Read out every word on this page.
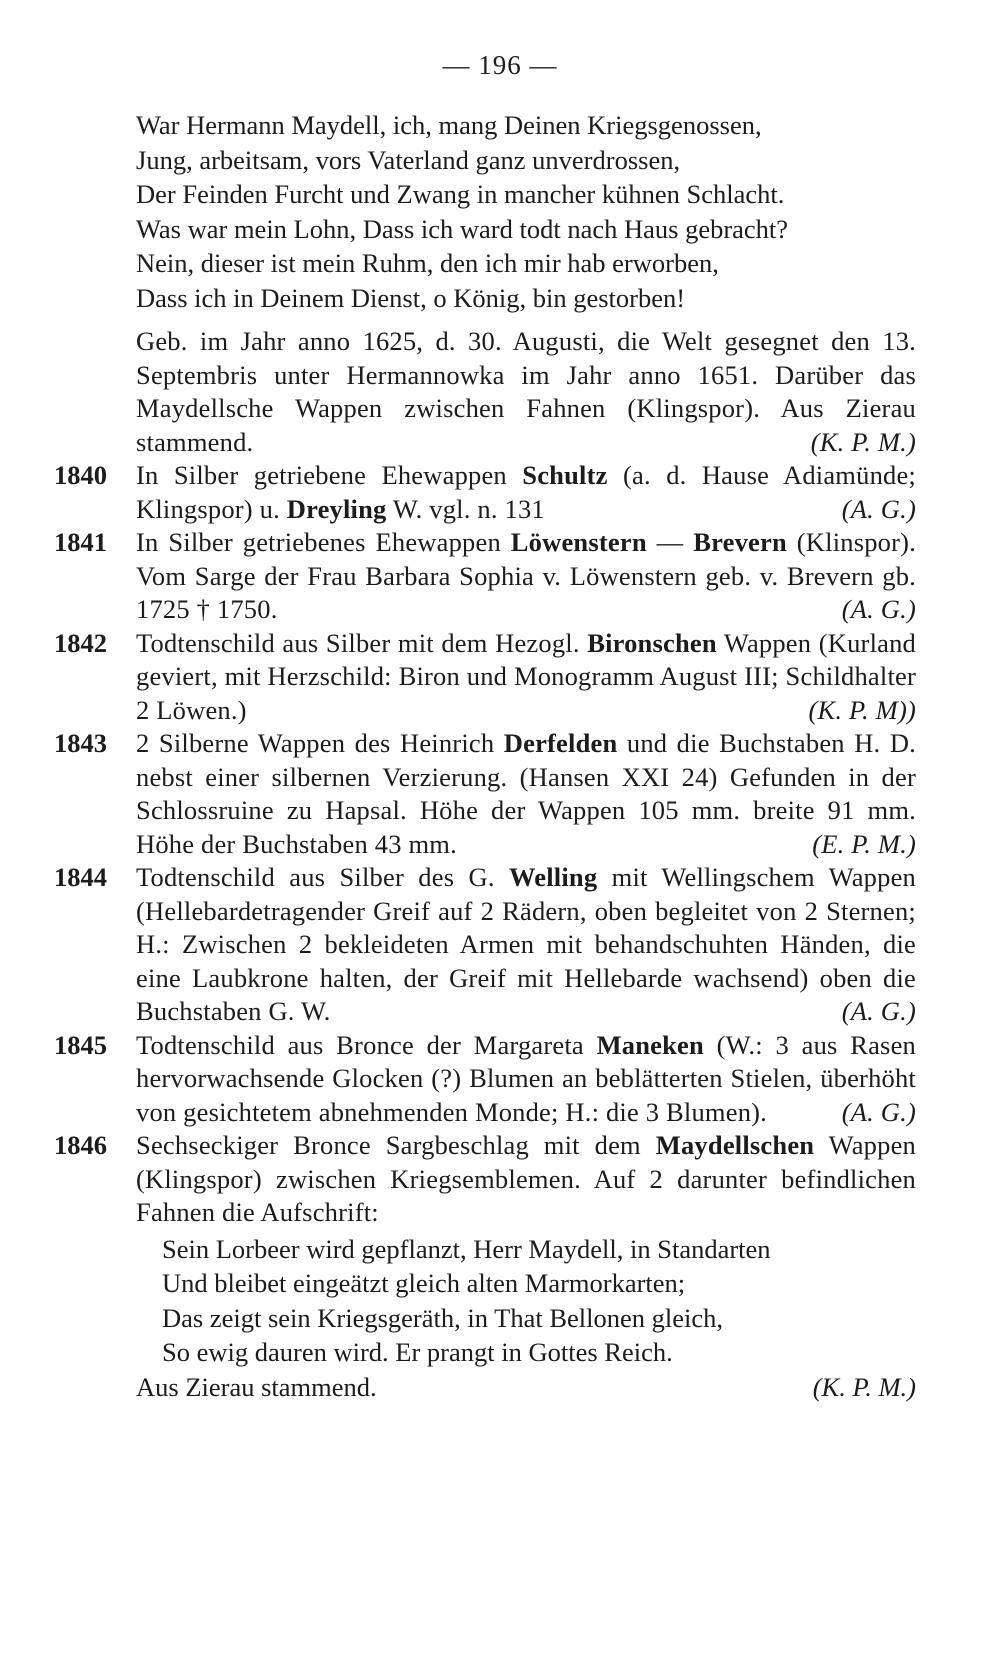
— 196 —
War Hermann Maydell, ich, mang Deinen Kriegsgenossen,
Jung, arbeitsam, vors Vaterland ganz unverdrossen,
Der Feinden Furcht und Zwang in mancher kühnen Schlacht.
Was war mein Lohn, Dass ich ward todt nach Haus gebracht?
Nein, dieser ist mein Ruhm, den ich mir hab erworben,
Dass ich in Deinem Dienst, o König, bin gestorben!
Geb. im Jahr anno 1625, d. 30. Augusti, die Welt gesegnet den 13. Septembris unter Hermannowka im Jahr anno 1651. Darüber das Maydellsche Wappen zwischen Fahnen (Klingspor). Aus Zierau stammend.	(K. P. M.)
1840 In Silber getriebene Ehewappen Schultz (a. d. Hause Adiamünde; Klingspor) u. Dreyling W. vgl. n. 131	(A. G.)
1841 In Silber getriebenes Ehewappen Löwenstern — Brevern (Klinspor). Vom Sarge der Frau Barbara Sophia v. Löwenstern geb. v. Brevern gb. 1725 † 1750.	(A. G.)
1842 Todtenschild aus Silber mit dem Hezogl. Bironschen Wappen (Kurland geviert, mit Herzschild: Biron und Monogramm August III; Schildhalter 2 Löwen.)	(K. P. M))
1843 2 Silberne Wappen des Heinrich Derfelden und die Buchstaben H. D. nebst einer silbernen Verzierung. (Hansen XXI 24) Gefunden in der Schlossruine zu Hapsal. Höhe der Wappen 105 mm. breite 91 mm. Höhe der Buchstaben 43 mm.	(E. P. M.)
1844 Todtenschild aus Silber des G. Welling mit Wellingschem Wappen (Hellebardetragender Greif auf 2 Rädern, oben begleitet von 2 Sternen; H.: Zwischen 2 bekleideten Armen mit behandschuhten Händen, die eine Laubkrone halten, der Greif mit Hellebarde wachsend) oben die Buchstaben G. W.	(A. G.)
1845 Todtenschild aus Bronce der Margareta Maneken (W.: 3 aus Rasen hervorwachsende Glocken (?) Blumen an beblätterten Stielen, überhöht von gesichtetem abnehmenden Monde; H.: die 3 Blumen).	(A. G.)
1846 Sechseckiger Bronce Sargbeschlag mit dem Maydellschen Wappen (Klingspor) zwischen Kriegsemblemen. Auf 2 darunter befindlichen Fahnen die Aufschrift:
Sein Lorbeer wird gepflanzt, Herr Maydell, in Standarten
Und bleibet eingeätzt gleich alten Marmorkarten;
Das zeigt sein Kriegsgeräth, in That Bellonen gleich,
So ewig dauren wird. Er prangt in Gottes Reich.
Aus Zierau stammend.	(K. P. M.)
